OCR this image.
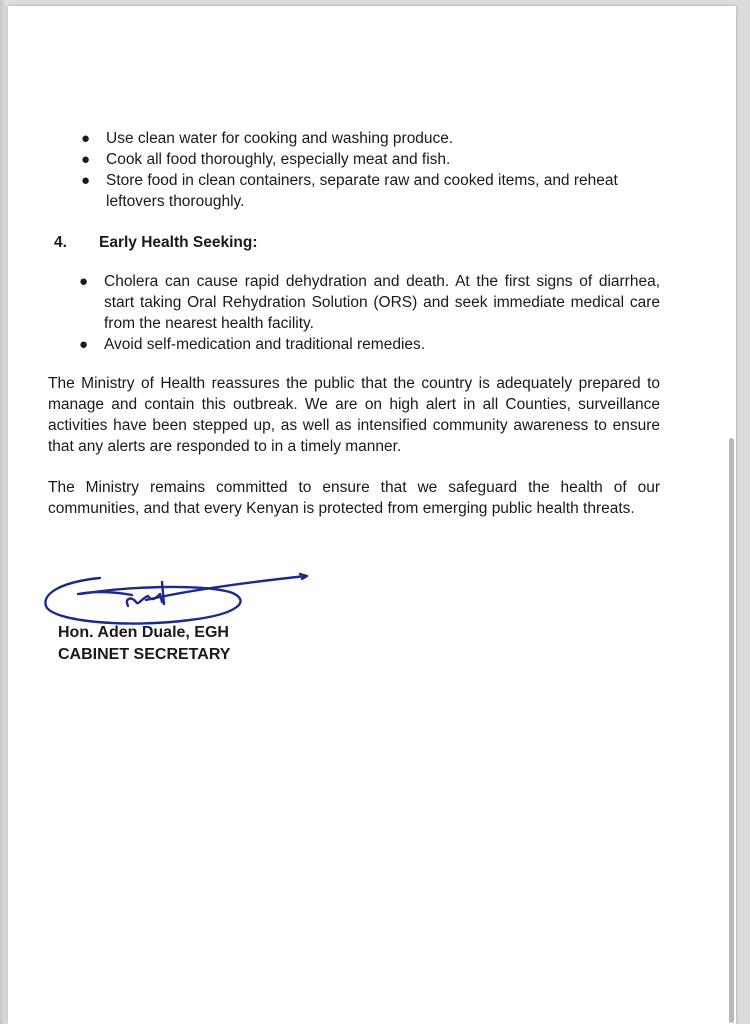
● Use clean water for cooking and washing produce.
● Cook all food thoroughly, especially meat and fish.
● Store food in clean containers, separate raw and cooked items, and reheat leftovers thoroughly.
4.	Early Health Seeking:
● Cholera can cause rapid dehydration and death. At the first signs of diarrhea, start taking Oral Rehydration Solution (ORS) and seek immediate medical care from the nearest health facility.
● Avoid self-medication and traditional remedies.

The Ministry of Health reassures the public that the country is adequately prepared to manage and contain this outbreak. We are on high alert in all Counties, surveillance activities have been stepped up, as well as intensified community awareness to ensure that any alerts are responded to in a timely manner.

The Ministry remains committed to ensure that we safeguard the health of our communities, and that every Kenyan is protected from emerging public health threats.

Hon. Aden Duale, EGH
CABINET SECRETARY
